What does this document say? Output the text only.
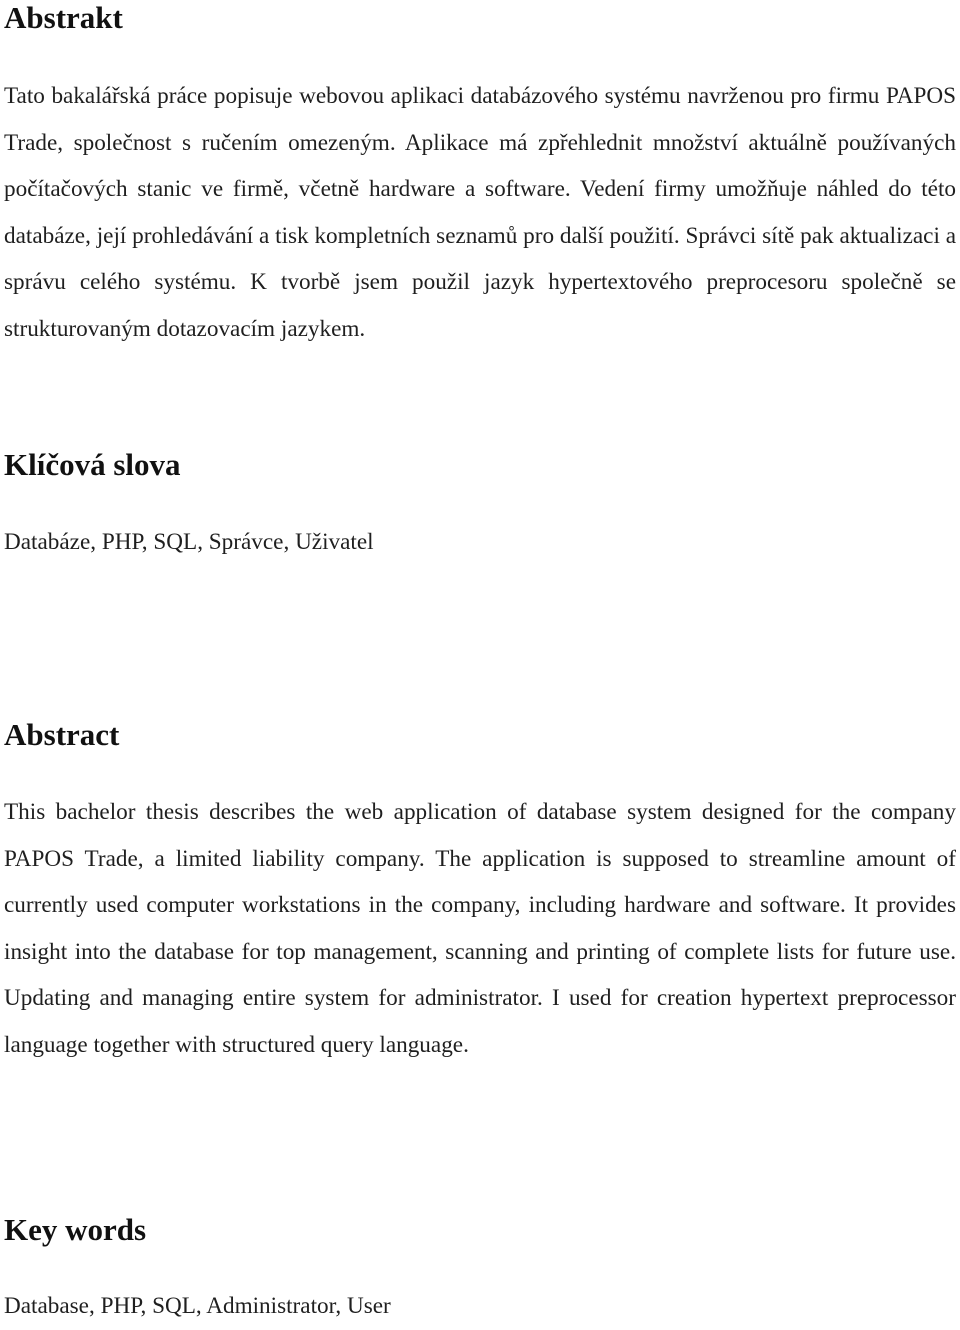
Abstrakt

Tato bakalářská práce popisuje webovou aplikaci databázového systému navrženou pro firmu PAPOS Trade, společnost s ručením omezeným. Aplikace má zpřehlednit množství aktuálně používaných počítačových stanic ve firmě, včetně hardware a software. Vedení firmy umožňuje náhled do této databáze, její prohledávání a tisk kompletních seznamů pro další použití. Správci sítě pak aktualizaci a správu celého systému. K tvorbě jsem použil jazyk hypertextového preprocesoru společně se strukturovaným dotazovacím jazykem.

Klíčová slova

Databáze, PHP, SQL, Správce, Uživatel

Abstract

This bachelor thesis describes the web application of database system designed for the company PAPOS Trade, a limited liability company. The application is supposed to streamline amount of currently used computer workstations in the company, including hardware and software. It provides insight into the database for top management, scanning and printing of complete lists for future use. Updating and managing entire system for administrator. I used for creation hypertext preprocessor language together with structured query language.

Key words

Database, PHP, SQL, Administrator, User
